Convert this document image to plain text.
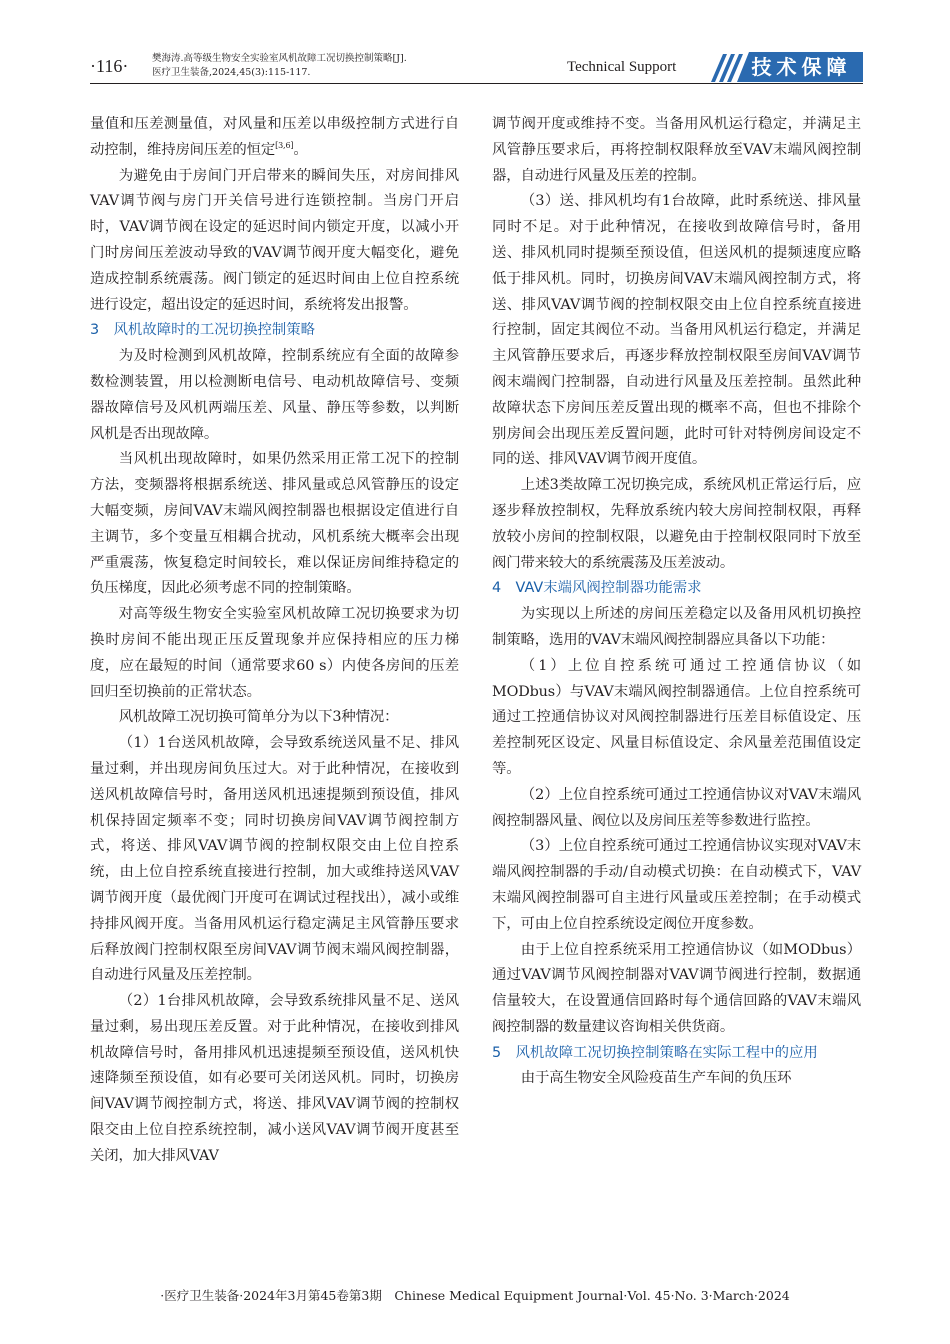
·116· 樊海涛.高等级生物安全实验室风机故障工况切换控制策略[J].
医疗卫生装备,2024,45(3):115-117.	Technical Support	技术保障

量值和压差测量值，对风量和压差以串级控制方式进行自动控制，维持房间压差的恒定[3,6]。

为避免由于房间门开启带来的瞬间失压，对房间排风VAV调节阀与房门开关信号进行连锁控制。当房门开启时，VAV调节阀在设定的延迟时间内锁定开度，以减小开门时房间压差波动导致的VAV调节阀开度大幅变化，避免造成控制系统震荡。阀门锁定的延迟时间由上位自控系统进行设定，超出设定的延迟时间，系统将发出报警。

3　风机故障时的工况切换控制策略

为及时检测到风机故障，控制系统应有全面的故障参数检测装置，用以检测断电信号、电动机故障信号、变频器故障信号及风机两端压差、风量、静压等参数，以判断风机是否出现故障。

当风机出现故障时，如果仍然采用正常工况下的控制方法，变频器将根据系统送、排风量或总风管静压的设定大幅变频，房间VAV末端风阀控制器也根据设定值进行自主调节，多个变量互相耦合扰动，风机系统大概率会出现严重震荡，恢复稳定时间较长，难以保证房间维持稳定的负压梯度，因此必须考虑不同的控制策略。

对高等级生物安全实验室风机故障工况切换要求为切换时房间不能出现正压反置现象并应保持相应的压力梯度，应在最短的时间（通常要求60 s）内使各房间的压差回归至切换前的正常状态。

风机故障工况切换可简单分为以下3种情况：

（1）1台送风机故障，会导致系统送风量不足、排风量过剩，并出现房间负压过大。对于此种情况，在接收到送风机故障信号时，备用送风机迅速提频到预设值，排风机保持固定频率不变；同时切换房间VAV调节阀控制方式，将送、排风VAV调节阀的控制权限交由上位自控系统，由上位自控系统直接进行控制，加大或维持送风VAV调节阀开度（最优阀门开度可在调试过程找出），减小或维持排风阀开度。当备用风机运行稳定满足主风管静压要求后释放阀门控制权限至房间VAV调节阀末端风阀控制器，自动进行风量及压差控制。

（2）1台排风机故障，会导致系统排风量不足、送风量过剩，易出现压差反置。对于此种情况，在接收到排风机故障信号时，备用排风机迅速提频至预设值，送风机快速降频至预设值，如有必要可关闭送风机。同时，切换房间VAV调节阀控制方式，将送、排风VAV调节阀的控制权限交由上位自控系统控制，减小送风VAV调节阀开度甚至关闭，加大排风VAV

调节阀开度或维持不变。当备用风机运行稳定，并满足主风管静压要求后，再将控制权限释放至VAV末端风阀控制器，自动进行风量及压差的控制。

（3）送、排风机均有1台故障，此时系统送、排风量同时不足。对于此种情况，在接收到故障信号时，备用送、排风机同时提频至预设值，但送风机的提频速度应略低于排风机。同时，切换房间VAV末端风阀控制方式，将送、排风VAV调节阀的控制权限交由上位自控系统直接进行控制，固定其阀位不动。当备用风机运行稳定，并满足主风管静压要求后，再逐步释放控制权限至房间VAV调节阀末端阀门控制器，自动进行风量及压差控制。虽然此种故障状态下房间压差反置出现的概率不高，但也不排除个别房间会出现压差反置问题，此时可针对特例房间设定不同的送、排风VAV调节阀开度值。

上述3类故障工况切换完成，系统风机正常运行后，应逐步释放控制权，先释放系统内较大房间控制权限，再释放较小房间的控制权限，以避免由于控制权限同时下放至阀门带来较大的系统震荡及压差波动。

4　VAV末端风阀控制器功能需求

为实现以上所述的房间压差稳定以及备用风机切换控制策略，选用的VAV末端风阀控制器应具备以下功能：

（1）上位自控系统可通过工控通信协议（如MODbus）与VAV末端风阀控制器通信。上位自控系统可通过工控通信协议对风阀控制器进行压差目标值设定、压差控制死区设定、风量目标值设定、余风量差范围值设定等。

（2）上位自控系统可通过工控通信协议对VAV末端风阀控制器风量、阀位以及房间压差等参数进行监控。

（3）上位自控系统可通过工控通信协议实现对VAV末端风阀控制器的手动/自动模式切换：在自动模式下，VAV末端风阀控制器可自主进行风量或压差控制；在手动模式下，可由上位自控系统设定阀位开度参数。

由于上位自控系统采用工控通信协议（如MODbus）通过VAV调节风阀控制器对VAV调节阀进行控制，数据通信量较大，在设置通信回路时每个通信回路的VAV末端风阀控制器的数量建议咨询相关供货商。

5　风机故障工况切换控制策略在实际工程中的应用

由于高生物安全风险疫苗生产车间的负压环

·医疗卫生装备·2024年3月第45卷第3期　Chinese Medical Equipment Journal·Vol. 45·No. 3·March·2024
